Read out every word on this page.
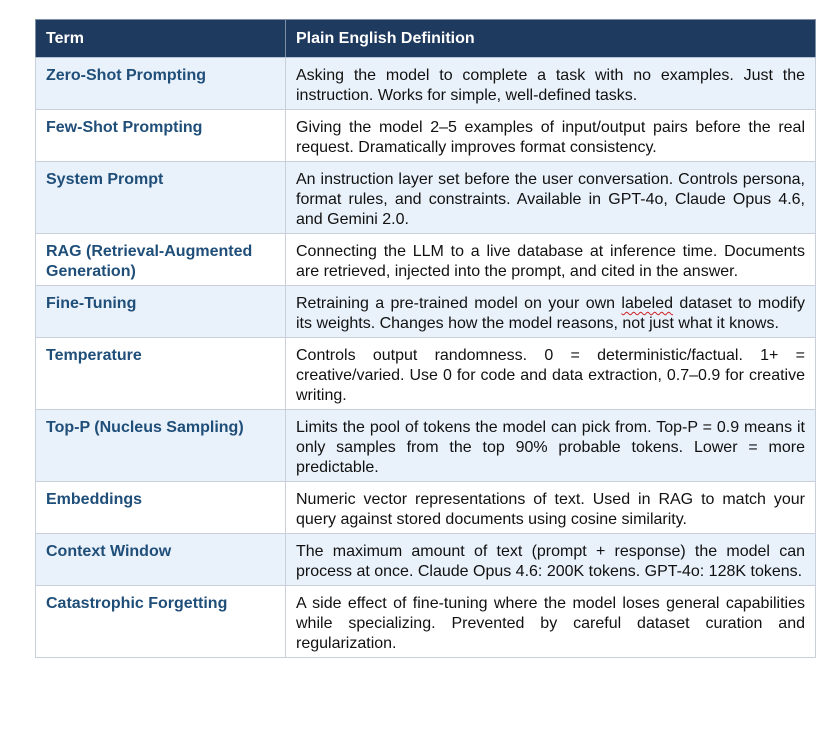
Term	Plain English Definition
Zero-Shot Prompting	Asking the model to complete a task with no examples. Just the instruction. Works for simple, well-defined tasks.
Few-Shot Prompting	Giving the model 2–5 examples of input/output pairs before the real request. Dramatically improves format consistency.
System Prompt	An instruction layer set before the user conversation. Controls persona, format rules, and constraints. Available in GPT-4o, Claude Opus 4.6, and Gemini 2.0.
RAG (Retrieval-Augmented Generation)	Connecting the LLM to a live database at inference time. Documents are retrieved, injected into the prompt, and cited in the answer.
Fine-Tuning	Retraining a pre-trained model on your own labeled dataset to modify its weights. Changes how the model reasons, not just what it knows.
Temperature	Controls output randomness. 0 = deterministic/factual. 1+ = creative/varied. Use 0 for code and data extraction, 0.7–0.9 for creative writing.
Top-P (Nucleus Sampling)	Limits the pool of tokens the model can pick from. Top-P = 0.9 means it only samples from the top 90% probable tokens. Lower = more predictable.
Embeddings	Numeric vector representations of text. Used in RAG to match your query against stored documents using cosine similarity.
Context Window	The maximum amount of text (prompt + response) the model can process at once. Claude Opus 4.6: 200K tokens. GPT-4o: 128K tokens.
Catastrophic Forgetting	A side effect of fine-tuning where the model loses general capabilities while specializing. Prevented by careful dataset curation and regularization.
